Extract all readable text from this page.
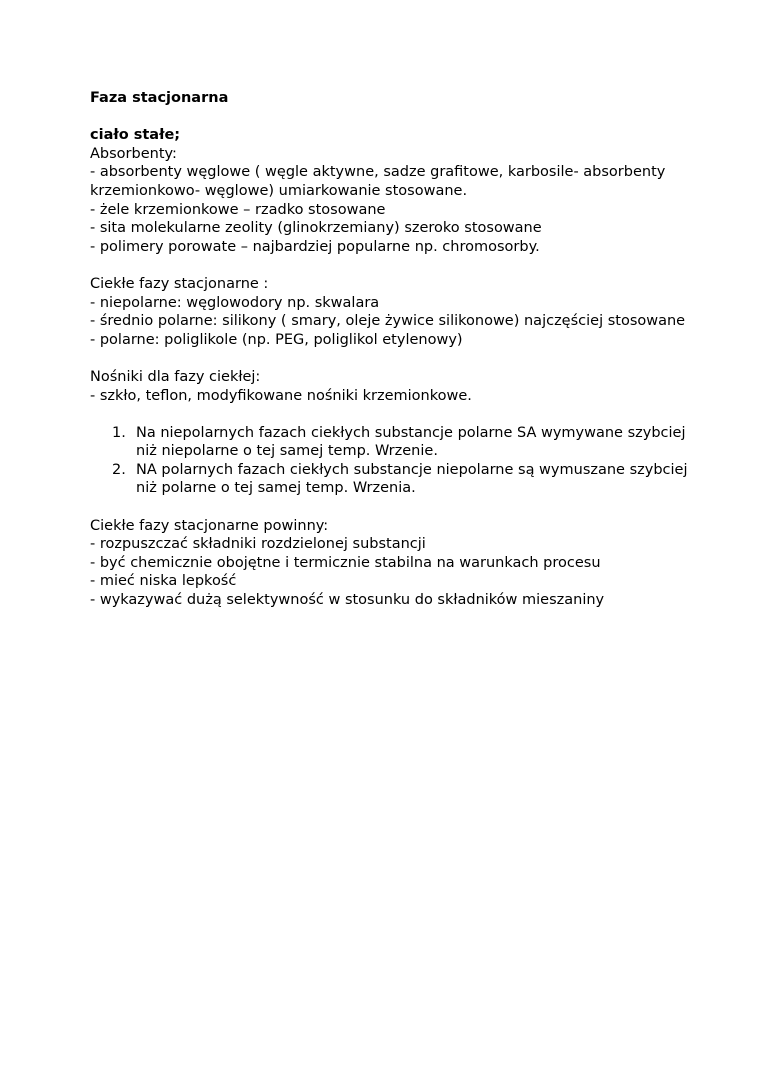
Faza stacjonarna

ciało stałe;

Absorbenty:

- absorbenty węglowe ( węgle aktywne, sadze grafitowe, karbosile- absorbenty krzemionkowo- węglowe) umiarkowanie stosowane.

- żele krzemionkowe – rzadko stosowane

- sita molekularne zeolity (glinokrzemiany) szeroko stosowane

- polimery porowate – najbardziej popularne np. chromosorby.

Ciekłe fazy stacjonarne :

- niepolarne: węglowodory np. skwalara

- średnio polarne: silikony ( smary, oleje żywice silikonowe) najczęściej stosowane

- polarne: poliglikole (np. PEG, poliglikol etylenowy)

Nośniki dla fazy ciekłej:

- szkło, teflon, modyfikowane nośniki krzemionkowe.

1. Na niepolarnych fazach ciekłych substancje polarne SA wymywane szybciej niż niepolarne o tej samej temp. Wrzenie.
2. NA polarnych fazach ciekłych substancje niepolarne są wymuszane szybciej niż polarne o tej samej temp. Wrzenia.

Ciekłe fazy stacjonarne powinny:

- rozpuszczać składniki rozdzielonej substancji

- być chemicznie obojętne i termicznie stabilna na warunkach procesu

- mieć niska lepkość

- wykazywać dużą selektywność w stosunku do składników mieszaniny
